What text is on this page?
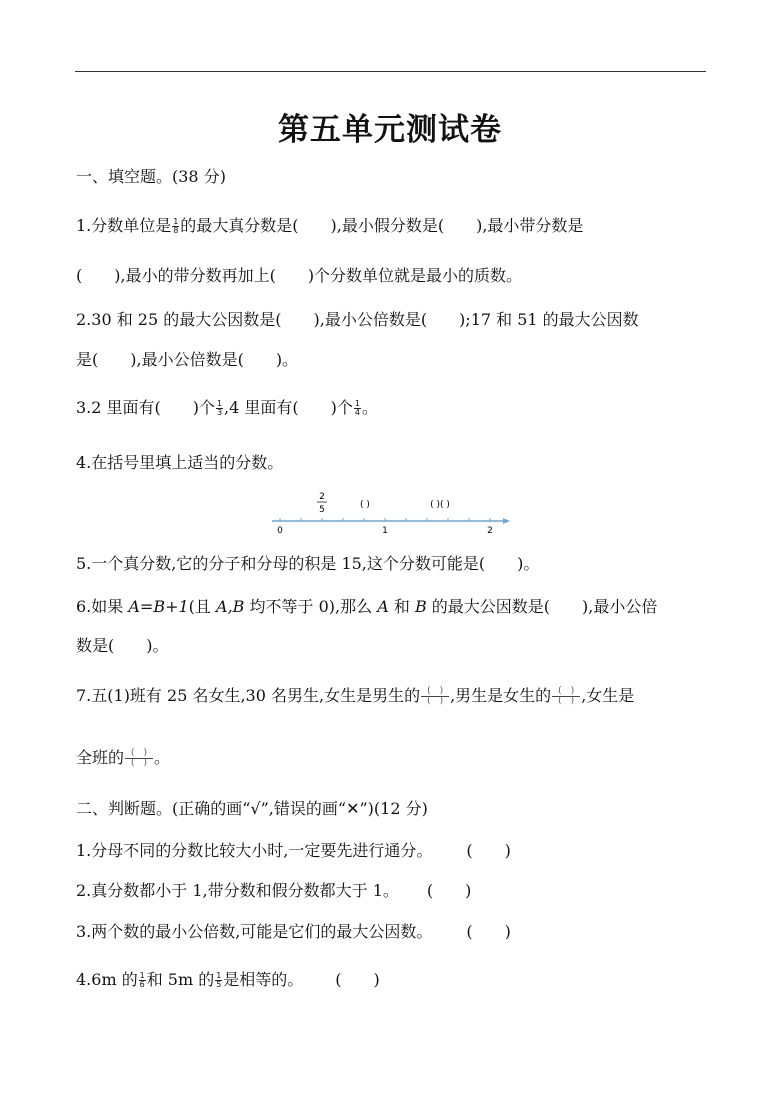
第五单元测试卷
一、填空题。(38 分)
1.分数单位是 $\frac{1}{8}$ 的最大真分数是(　　),最小假分数是(　　),最小带分数是
(　　),最小的带分数再加上(　　)个分数单位就是最小的质数。
2.30 和 25 的最大公因数是(　　),最小公倍数是(　　);17 和 51 的最大公因数
是(　　),最小公倍数是(　　)。
3.2 里面有(　　)个 $\frac{1}{3} ,4$ 里面有(　　)个 $\frac{1}{4}$ 。
4.在括号里填上适当的分数。
2
5	( )	( )( )
0	1	2
5.一个真分数,它的分子和分母的积是 15,这个分数可能是(　　)。
6.如果 A=B+1(且 A,B 均不等于 0),那么 A 和 B 的最大公因数是(　　),最小公倍
数是(　　)。
7.五(1)班有 25 名女生,30 名男生,女生是男生的 (　)
(　) ,男生是女生的 (　)
(　) ,女生是
全班的 (　)
(　) 。
二、判断题。(正确的画“√”,错误的画“✕”)(12 分)
1.分母不同的分数比较大小时,一定要先进行通分。 (　　)
2.真分数都小于 1,带分数和假分数都大于 1。 (　　)
3.两个数的最小公倍数,可能是它们的最大公因数。 (　　)
4.6m 的 $\frac{1}{6}$ 和 5m 的 $\frac{1}{5}$ 是相等的。 (　　)
